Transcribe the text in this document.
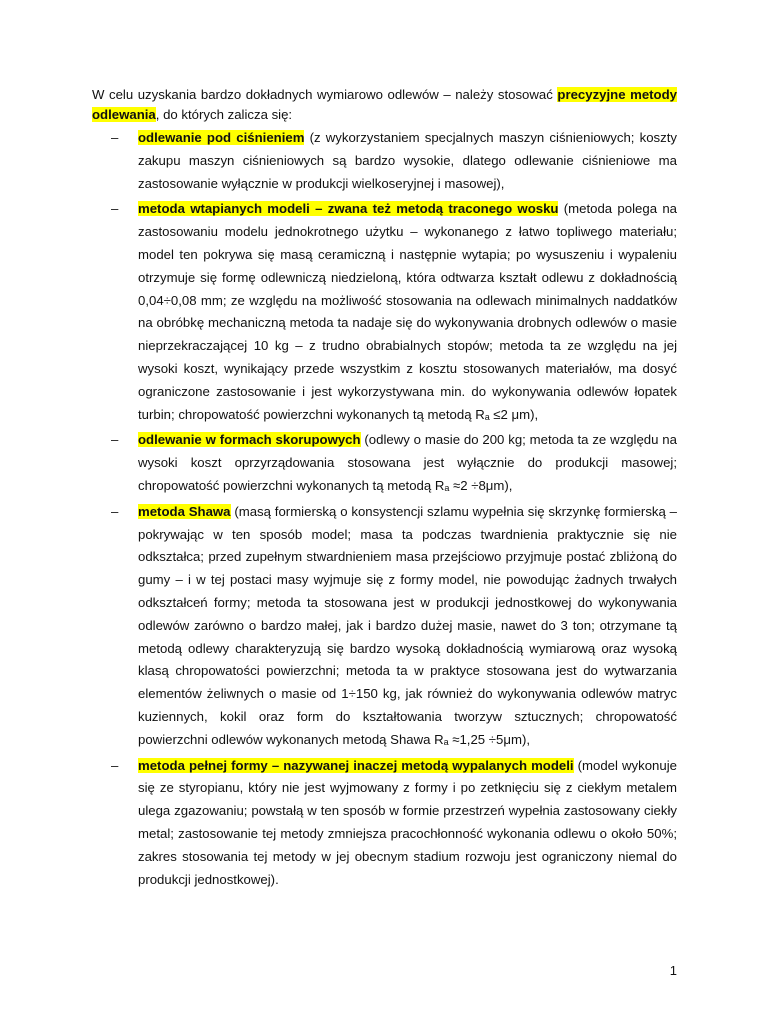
W celu uzyskania bardzo dokładnych wymiarowo odlewów – należy stosować precyzyjne metody odlewania, do których zalicza się:

– odlewanie pod ciśnieniem (z wykorzystaniem specjalnych maszyn ciśnieniowych; koszty zakupu maszyn ciśnieniowych są bardzo wysokie, dlatego odlewanie ciśnieniowe ma zastosowanie wyłącznie w produkcji wielkoseryjnej i masowej),
– metoda wtapianych modeli – zwana też metodą traconego wosku (metoda polega na zastosowaniu modelu jednokrotnego użytku – wykonanego z łatwo topliwego materiału; model ten pokrywa się masą ceramiczną i następnie wytapia; po wysuszeniu i wypaleniu otrzymuje się formę odlewniczą niedzieloną, która odtwarza kształt odlewu z dokładnością 0,04÷0,08 mm; ze względu na możliwość stosowania na odlewach minimalnych naddatków na obróbkę mechaniczną metoda ta nadaje się do wykonywania drobnych odlewów o masie nieprzekraczającej 10 kg – z trudno obrabialnych stopów; metoda ta ze względu na jej wysoki koszt, wynikający przede wszystkim z kosztu stosowanych materiałów, ma dosyć ograniczone zastosowanie i jest wykorzystywana min. do wykonywania odlewów łopatek turbin; chropowatość powierzchni wykonanych tą metodą Rₐ ≤2 μm),
– odlewanie w formach skorupowych (odlewy o masie do 200 kg; metoda ta ze względu na wysoki koszt oprzyrządowania stosowana jest wyłącznie do produkcji masowej; chropowatość powierzchni wykonanych tą metodą Rₐ ≈2 ÷8μm),
– metoda Shawa (masą formierską o konsystencji szlamu wypełnia się skrzynkę formierską – pokrywając w ten sposób model; masa ta podczas twardnienia praktycznie się nie odkształca; przed zupełnym stwardnieniem masa przejściowo przyjmuje postać zbliżoną do gumy – i w tej postaci masy wyjmuje się z formy model, nie powodując żadnych trwałych odkształceń formy; metoda ta stosowana jest w produkcji jednostkowej do wykonywania odlewów zarówno o bardzo małej, jak i bardzo dużej masie, nawet do 3 ton; otrzymane tą metodą odlewy charakteryzują się bardzo wysoką dokładnością wymiarową oraz wysoką klasą chropowatości powierzchni; metoda ta w praktyce stosowana jest do wytwarzania elementów żeliwnych o masie od 1÷150 kg, jak również do wykonywania odlewów matryc kuziennych, kokil oraz form do kształtowania tworzyw sztucznych; chropowatość powierzchni odlewów wykonanych metodą Shawa Rₐ ≈1,25 ÷5μm),
– metoda pełnej formy – nazywanej inaczej metodą wypalanych modeli (model wykonuje się ze styropianu, który nie jest wyjmowany z formy i po zetknięciu się z ciekłym metalem ulega zgazowaniu; powstałą w ten sposób w formie przestrzeń wypełnia zastosowany ciekły metal; zastosowanie tej metody zmniejsza pracochłonność wykonania odlewu o około 50%; zakres stosowania tej metody w jej obecnym stadium rozwoju jest ograniczony niemal do produkcji jednostkowej).
1
